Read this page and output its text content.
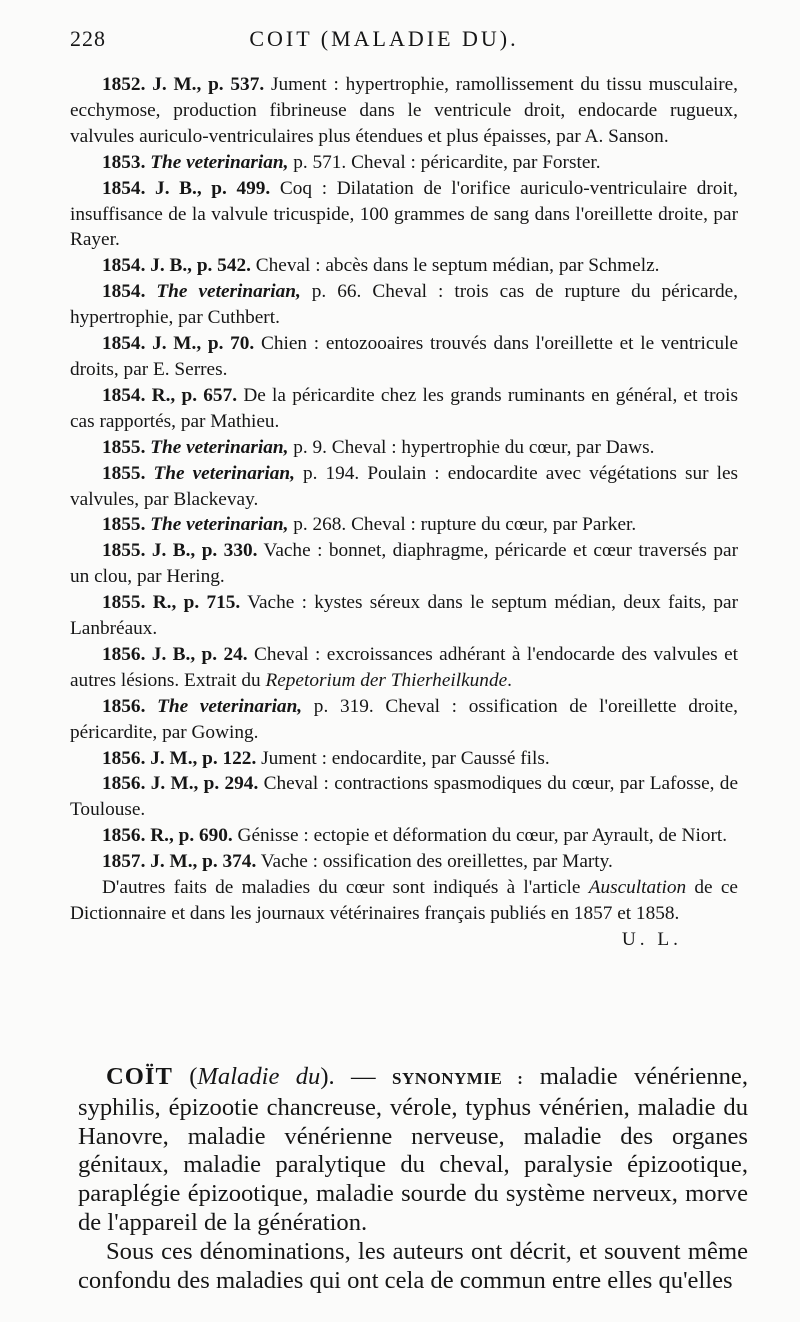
228	COIT (MALADIE DU).

1852. J. M., p. 537. Jument : hypertrophie, ramollissement du tissu musculaire, ecchymose, production fibrineuse dans le ventricule droit, endocarde rugueux, valvules auriculo-ventriculaires plus étendues et plus épaisses, par A. Sanson.

1853. The veterinarian, p. 571. Cheval : péricardite, par Forster.

1854. J. B., p. 499. Coq : Dilatation de l'orifice auriculo-ventriculaire droit, insuffisance de la valvule tricuspide, 100 grammes de sang dans l'oreillette droite, par Rayer.

1854. J. B., p. 542. Cheval : abcès dans le septum médian, par Schmelz.

1854. The veterinarian, p. 66. Cheval : trois cas de rupture du péricarde, hypertrophie, par Cuthbert.

1854. J. M., p. 70. Chien : entozooaires trouvés dans l'oreillette et le ventricule droits, par E. Serres.

1854. R., p. 657. De la péricardite chez les grands ruminants en général, et trois cas rapportés, par Mathieu.

1855. The veterinarian, p. 9. Cheval : hypertrophie du cœur, par Daws.

1855. The veterinarian, p. 194. Poulain : endocardite avec végétations sur les valvules, par Blackevay.

1855. The veterinarian, p. 268. Cheval : rupture du cœur, par Parker.

1855. J. B., p. 330. Vache : bonnet, diaphragme, péricarde et cœur traversés par un clou, par Hering.

1855. R., p. 715. Vache : kystes séreux dans le septum médian, deux faits, par Lanbréaux.

1856. J. B., p. 24. Cheval : excroissances adhérant à l'endocarde des valvules et autres lésions. Extrait du Repetorium der Thierheilkunde.

1856. The veterinarian, p. 319. Cheval : ossification de l'oreillette droite, péricardite, par Gowing.

1856. J. M., p. 122. Jument : endocardite, par Caussé fils.

1856. J. M., p. 294. Cheval : contractions spasmodiques du cœur, par Lafosse, de Toulouse.

1856. R., p. 690. Génisse : ectopie et déformation du cœur, par Ayrault, de Niort.

1857. J. M., p. 374. Vache : ossification des oreillettes, par Marty.

D'autres faits de maladies du cœur sont indiqués à l'article Auscultation de ce Dictionnaire et dans les journaux vétérinaires français publiés en 1857 et 1858.
U. L.

COÏT (Maladie du). — SYNONYMIE : maladie vénérienne, syphilis, épizootie chancreuse, vérole, typhus vénérien, maladie du Hanovre, maladie vénérienne nerveuse, maladie des organes génitaux, maladie paralytique du cheval, paralysie épizootique, paraplégie épizootique, maladie sourde du système nerveux, morve de l'appareil de la génération.

Sous ces dénominations, les auteurs ont décrit, et souvent même confondu des maladies qui ont cela de commun entre elles qu'elles
